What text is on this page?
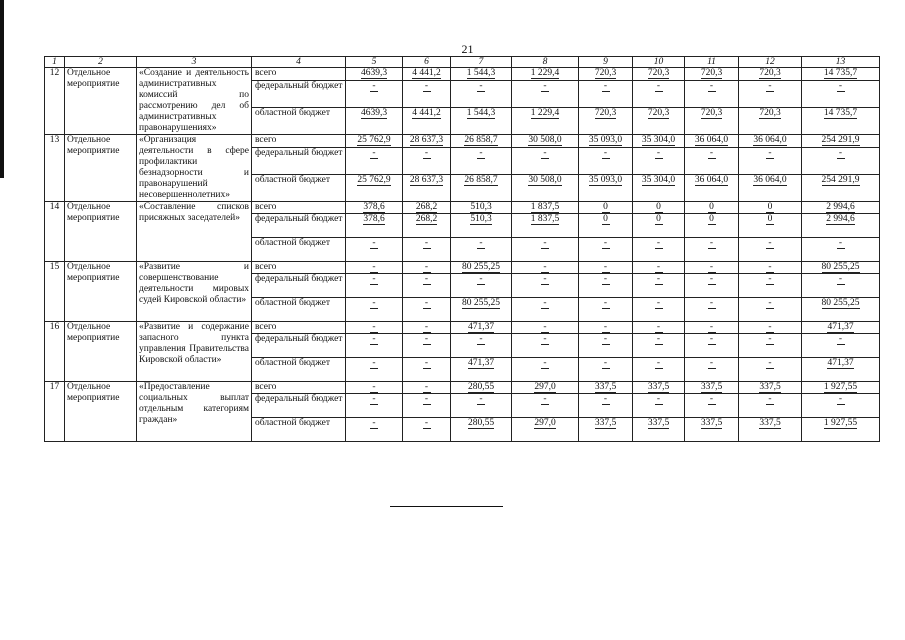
21
1	2	3	4	5	6	7	8	9	10	11	12	13
12	Отдельное мероприятие	«Создание и деятельность административных комиссий по рассмотрению дел об административных правонарушениях»	всего	4639,3	4 441,2	1 544,3	1 229,4	720,3	720,3	720,3	720,3	14 735,7
			федеральный бюджет	-	-	-	-	-	-	-	-	-
			областной бюджет	4639,3	4 441,2	1 544,3	1 229,4	720,3	720,3	720,3	720,3	14 735,7
13	Отдельное мероприятие	«Организация деятельности в сфере профилактики безнадзорности и правонарушений несовершеннолетних»	всего	25 762,9	28 637,3	26 858,7	30 508,0	35 093,0	35 304,0	36 064,0	36 064,0	254 291,9
			федеральный бюджет	-	-	-	-	-	-	-	-	-
			областной бюджет	25 762,9	28 637,3	26 858,7	30 508,0	35 093,0	35 304,0	36 064,0	36 064,0	254 291,9
14	Отдельное мероприятие	«Составление списков присяжных заседателей»	всего	378,6	268,2	510,3	1 837,5	0	0	0	0	2 994,6
			федеральный бюджет	378,6	268,2	510,3	1 837,5	0	0	0	0	2 994,6
			областной бюджет	-	-	-	-	-	-	-	-	-
15	Отдельное мероприятие	«Развитие и совершенствование деятельности мировых судей Кировской области»	всего	-	-	80 255,25	-	-	-	-	-	80 255,25
			федеральный бюджет	-	-	-	-	-	-	-	-	-
			областной бюджет	-	-	80 255,25	-	-	-	-	-	80 255,25
16	Отдельное мероприятие	«Развитие и содержание запасного пункта управления Правительства Кировской области»	всего	-	-	471,37	-	-	-	-	-	471,37
			федеральный бюджет	-	-	-	-	-	-	-	-	-
			областной бюджет	-	-	471,37	-	-	-	-	-	471,37
17	Отдельное мероприятие	«Предоставление социальных выплат отдельным категориям граждан»	всего	-	-	280,55	297,0	337,5	337,5	337,5	337,5	1 927,55
			федеральный бюджет	-	-	-	-	-	-	-	-	-
			областной бюджет	-	-	280,55	297,0	337,5	337,5	337,5	337,5	1 927,55
